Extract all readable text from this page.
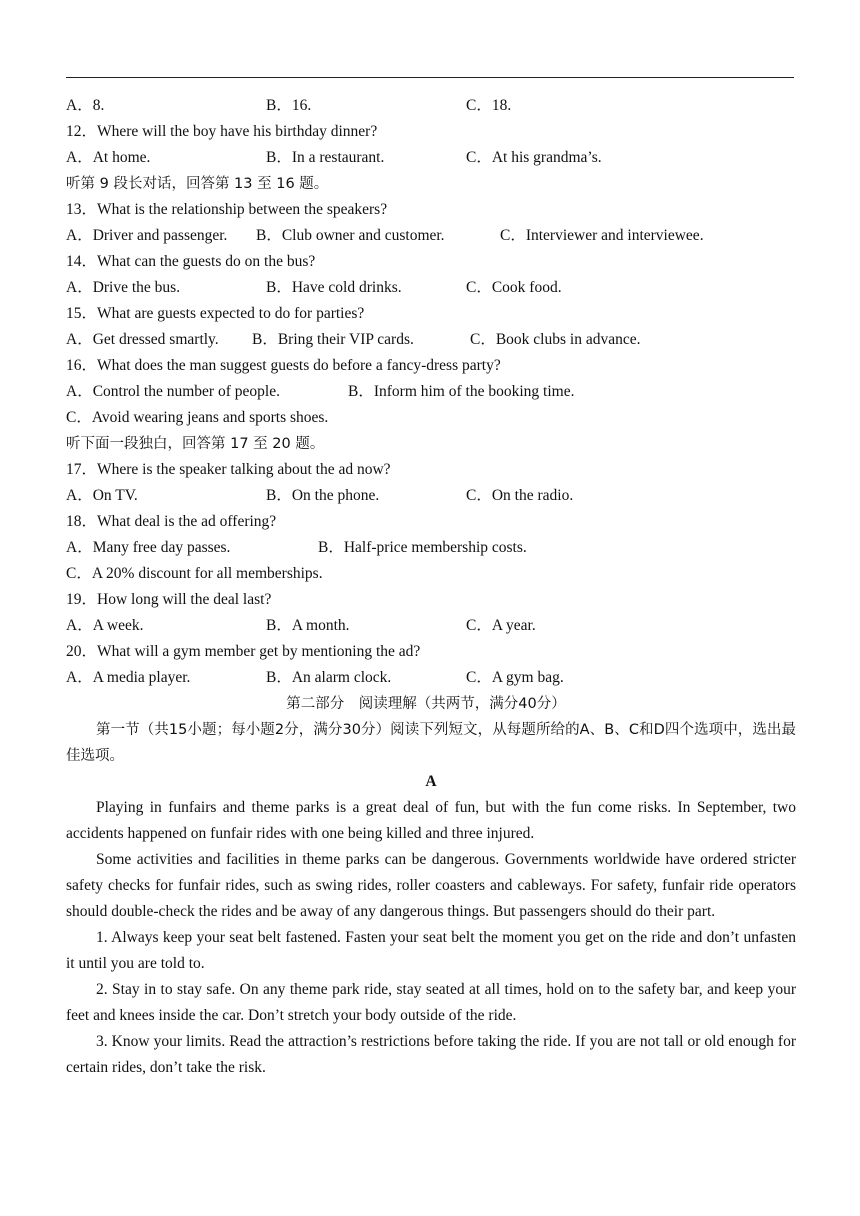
A．8.	B．16.	C．18.
12．Where will the boy have his birthday dinner?
A．At home.	B．In a restaurant.	C．At his grandma’s.
听第 9 段长对话，回答第 13 至 16 题。
13．What is the relationship between the speakers?
A．Driver and passenger. B．Club owner and customer.	C．Interviewer and interviewee.
14．What can the guests do on the bus?
A．Drive the bus.	B．Have cold drinks.	C．Cook food.
15．What are guests expected to do for parties?
A．Get dressed smartly. B．Bring their VIP cards.	C．Book clubs in advance.
16．What does the man suggest guests do before a fancy-dress party?
A．Control the number of people.	B．Inform him of the booking time.
C．Avoid wearing jeans and sports shoes.
听下面一段独白，回答第 17 至 20 题。
17．Where is the speaker talking about the ad now?
A．On TV.	B．On the phone.	C．On the radio.
18．What deal is the ad offering?
A．Many free day passes.	B．Half-price membership costs.
C．A 20% discount for all memberships.
19．How long will the deal last?
A．A week.	B．A month.	C．A year.
20．What will a gym member get by mentioning the ad?
A．A media player.	B．An alarm clock.	C．A gym bag.
第二部分　阅读理解（共两节，满分40分）
第一节（共15小题；每小题2分，满分30分）阅读下列短文，从每题所给的A、B、C和D四个选项中，选出最佳选项。
A
Playing in funfairs and theme parks is a great deal of fun, but with the fun come risks. In September, two accidents happened on funfair rides with one being killed and three injured.
Some activities and facilities in theme parks can be dangerous. Governments worldwide have ordered stricter safety checks for funfair rides, such as swing rides, roller coasters and cableways. For safety, funfair ride operators should double-check the rides and be away of any dangerous things. But passengers should do their part.
1. Always keep your seat belt fastened. Fasten your seat belt the moment you get on the ride and don’t unfasten it until you are told to.
2. Stay in to stay safe. On any theme park ride, stay seated at all times, hold on to the safety bar, and keep your feet and knees inside the car. Don’t stretch your body outside of the ride.
3. Know your limits. Read the attraction’s restrictions before taking the ride. If you are not tall or old enough for certain rides, don’t take the risk.
